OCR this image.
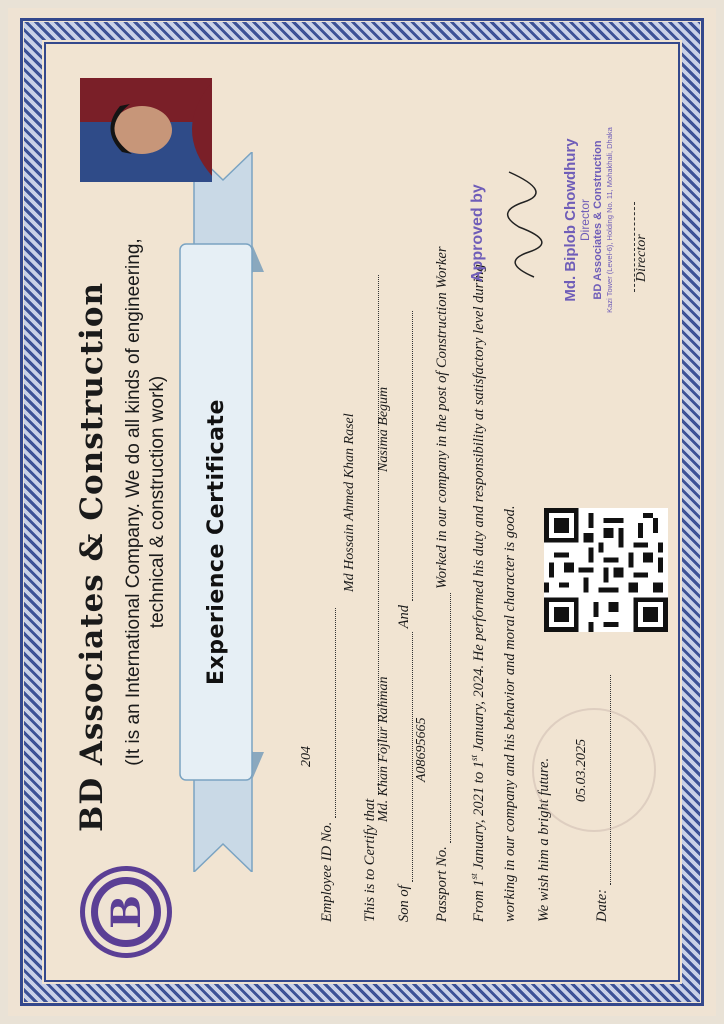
B
BD Associates & Construction (It is an International Company. We do all kinds of engineering, technical & construction work) Experience Certificate
Employee ID No.
204
This is to Certify that
Md Hossain Ahmed Khan Rasel
Son of  And
Md. Khan Fojlur Rahman
Nasima Begum
Passport No.  Worked in our company in the post of Construction Worker
A08695665
From 1st January, 2021 to 1st January, 2024. He performed his duty and responsibility at satisfactory level during working in our company and his behavior and moral character is good. We wish him a bright future.	Date:
05.03.2025
Approved by	Md. Biplob Chowdhury Director BD Associates & Construction Kazi Tower (Level-6), Holding No. 11, Mohakhali, Dhaka Director
